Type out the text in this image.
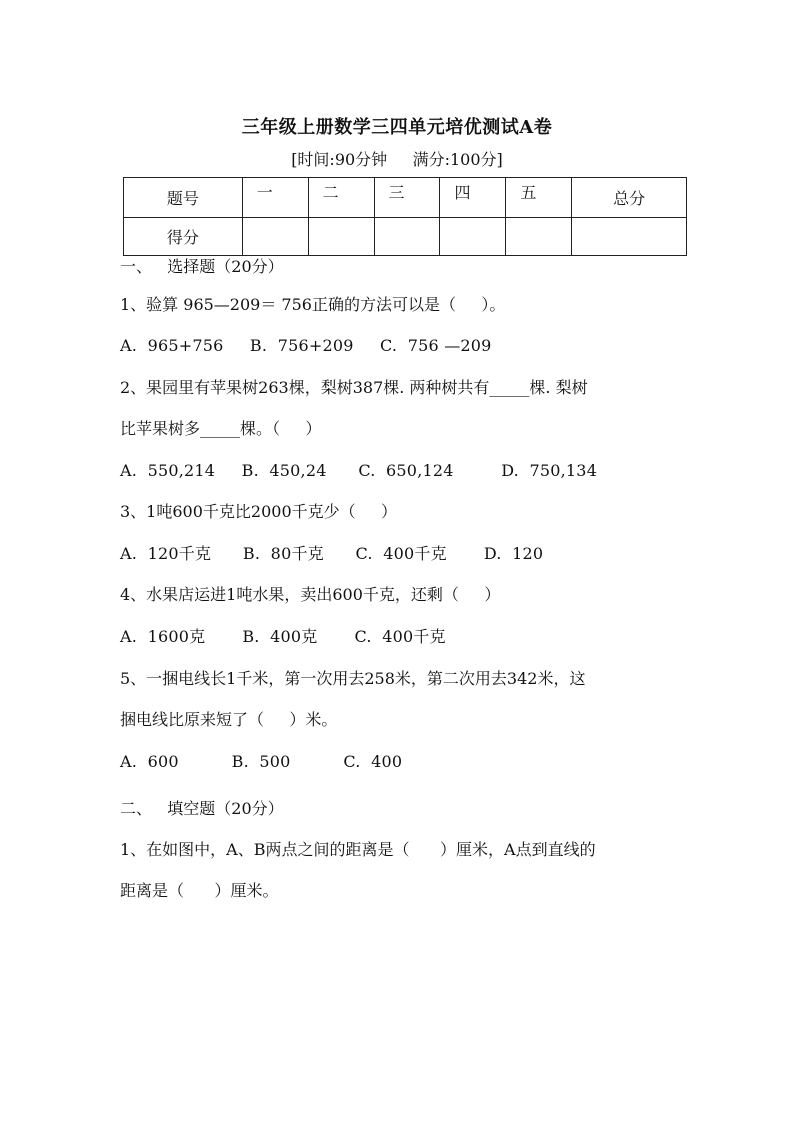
三年级上册数学三四单元培优测试A卷
[时间:90分钟     满分:100分]
题号	一	二	三	四	五	总分
得分						
一、   选择题（20分）
1、验算 965—209＝ 756正确的方法可以是（     ）。
A.  965+756     B.  756+209     C.  756 —209
2、果园里有苹果树263棵，梨树387棵. 两种树共有_____棵. 梨树
比苹果树多_____棵。（     ）
A.  550,214     B.  450,24      C.  650,124         D.  750,134
3、1吨600千克比2000千克少（     ）
A.  120千克      B.  80千克      C.  400千克       D.  120
4、水果店运进1吨水果，卖出600千克，还剩（     ）
A.  1600克       B.  400克       C.  400千克
5、一捆电线长1千米，第一次用去258米，第二次用去342米，这
捆电线比原来短了（     ）米。
A.  600          B.  500          C.  400
二、   填空题（20分）
1、在如图中，A、B两点之间的距离是（      ）厘米，A点到直线的
距离是（      ）厘米。
